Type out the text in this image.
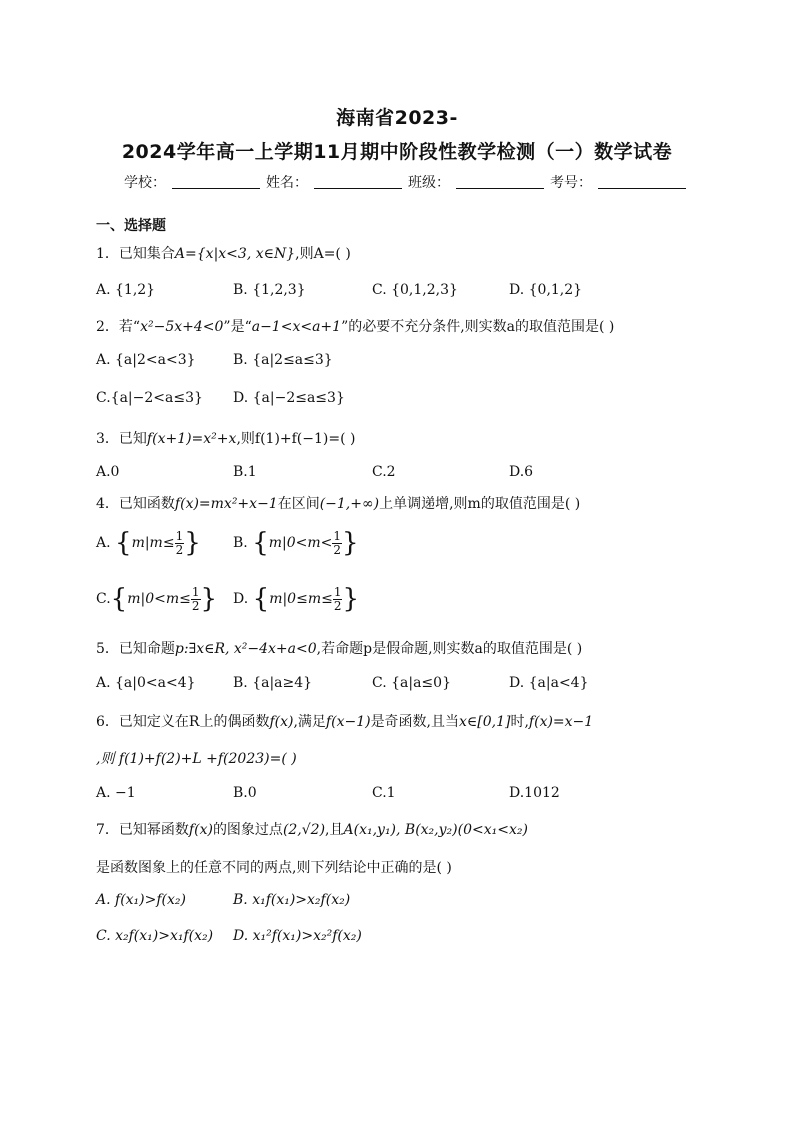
海南省2023-
2024学年高一上学期11月期中阶段性教学检测（一）数学试卷
学校：	姓名：	班级：	考号：
一、选择题
1．已知集合A={x|x<3, x∈N},则A=( )
A. {1,2}	B. {1,2,3}	C. {0,1,2,3}	D. {0,1,2}
2．若“x²−5x+4<0”是“a−1<x<a+1”的必要不充分条件,则实数a的取值范围是( )
A. {a|2<a<3}	B. {a|2≤a≤3}
C.{a|−2<a≤3} D. {a|−2≤a≤3}
3．已知f(x+1)=x²+x,则f(1)+f(−1)=( )
A.0	B.1	C.2	D.6
4．已知函数f(x)=mx²+x−1在区间(−1,+∞)上单调递增,则m的取值范围是( )
A. {$m|m\le \frac{1}{2}$ } B. {$m|0<m< \frac{1}{2}$ }
$C.\{m|0<m\le \frac{1}{2}$ } D. {$m|0\le m\le \frac{1}{2}$ }
5．已知命题p:∃x∈R, x²−4x+a<0,若命题p是假命题,则实数a的取值范围是( )
A. {a|0<a<4}	B. {a|a≥4}	C. {a|a≤0}	D. {a|a<4}
6．已知定义在R上的偶函数f(x),满足f(x−1)是奇函数,且当x∈[0,1]时,f(x)=x−1
,则 f(1)+f(2)+L +f(2023)=( )
A. −1	B.0	C.1	D.1012
7．已知幂函数f(x)的图象过点(2,√2),且A(x₁,y₁), B(x₂,y₂)(0<x₁<x₂)
是函数图象上的任意不同的两点,则下列结论中正确的是( )
A. f(x₁)>f(x₂)	B. x₁f(x₁)>x₂f(x₂)
C. x₂f(x₁)>x₁f(x₂) D. x₁²f(x₁)>x₂²f(x₂)
